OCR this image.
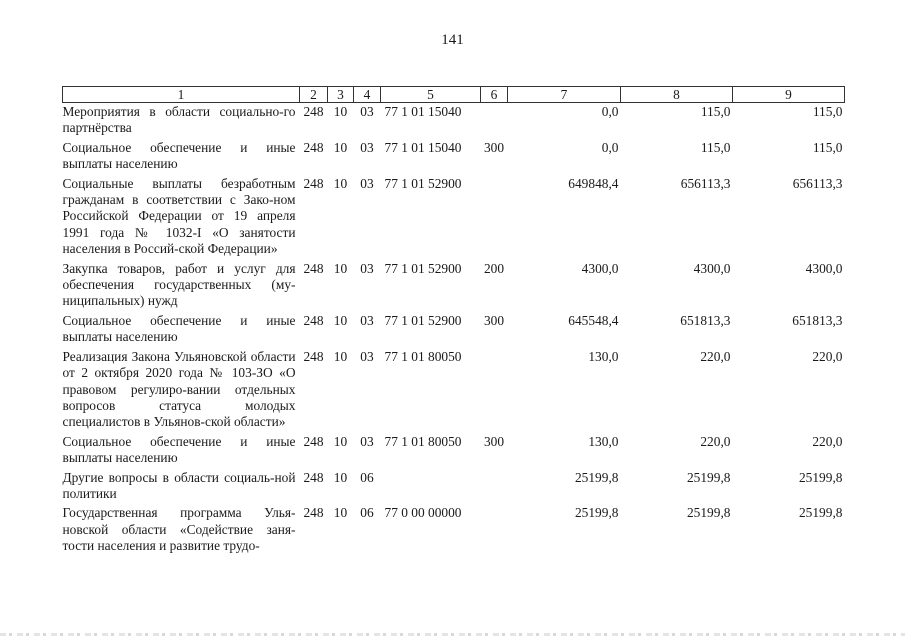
141
1	2	3	4	5	6	7	8	9
Мероприятия в области социально-го партнёрства	248	10	03	77 1 01 15040		0,0	115,0	115,0
Социальное обеспечение и иные выплаты населению	248	10	03	77 1 01 15040	300	0,0	115,0	115,0
Социальные выплаты безработным гражданам в соответствии с Зако-ном Российской Федерации от 19 апреля 1991 года № 1032-I «О занятости населения в Россий-ской Федерации»	248	10	03	77 1 01 52900		649848,4	656113,3	656113,3
Закупка товаров, работ и услуг для обеспечения государственных (му-ниципальных) нужд	248	10	03	77 1 01 52900	200	4300,0	4300,0	4300,0
Социальное обеспечение и иные выплаты населению	248	10	03	77 1 01 52900	300	645548,4	651813,3	651813,3
Реализация Закона Ульяновской области от 2 октября 2020 года № 103-ЗО «О правовом регулиро-вании отдельных вопросов статуса молодых специалистов в Ульянов-ской области»	248	10	03	77 1 01 80050		130,0	220,0	220,0
Социальное обеспечение и иные выплаты населению	248	10	03	77 1 01 80050	300	130,0	220,0	220,0
Другие вопросы в области социаль-ной политики	248	10	06			25199,8	25199,8	25199,8
Государственная программа Улья-новской области «Содействие заня-тости населения и развитие трудо-	248	10	06	77 0 00 00000		25199,8	25199,8	25199,8
